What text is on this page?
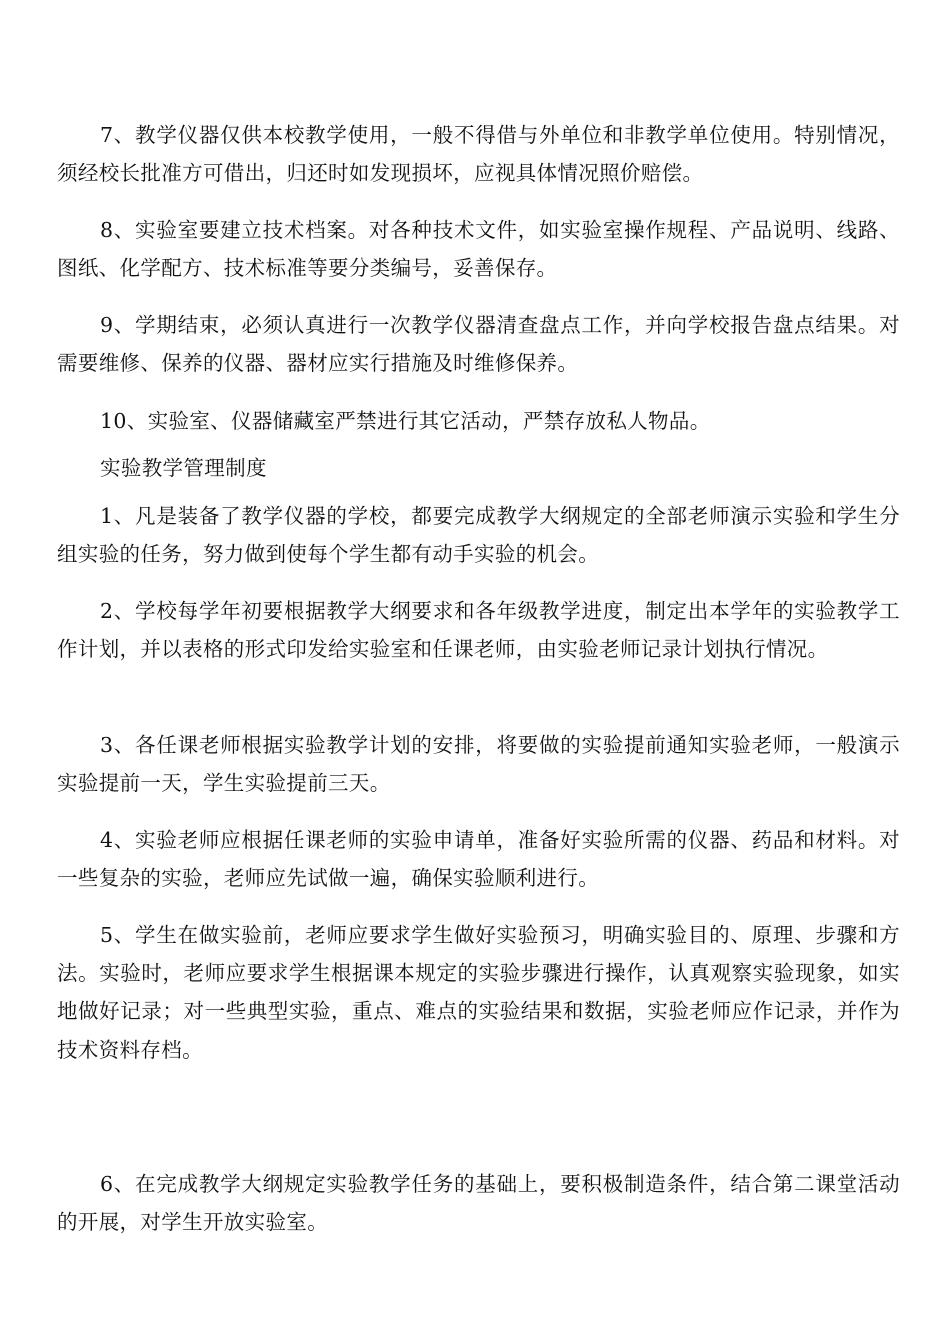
7、教学仪器仅供本校教学使用，一般不得借与外单位和非教学单位使用。特别情况，须经校长批准方可借出，归还时如发现损坏，应视具体情况照价赔偿。

8、实验室要建立技术档案。对各种技术文件，如实验室操作规程、产品说明、线路、图纸、化学配方、技术标准等要分类编号，妥善保存。

9、学期结束，必须认真进行一次教学仪器清查盘点工作，并向学校报告盘点结果。对需要维修、保养的仪器、器材应实行措施及时维修保养。

10、实验室、仪器储藏室严禁进行其它活动，严禁存放私人物品。

实验教学管理制度

1、凡是装备了教学仪器的学校，都要完成教学大纲规定的全部老师演示实验和学生分组实验的任务，努力做到使每个学生都有动手实验的机会。

2、学校每学年初要根据教学大纲要求和各年级教学进度，制定出本学年的实验教学工作计划，并以表格的形式印发给实验室和任课老师，由实验老师记录计划执行情况。

3、各任课老师根据实验教学计划的安排，将要做的实验提前通知实验老师，一般演示实验提前一天，学生实验提前三天。

4、实验老师应根据任课老师的实验申请单，准备好实验所需的仪器、药品和材料。对一些复杂的实验，老师应先试做一遍，确保实验顺利进行。

5、学生在做实验前，老师应要求学生做好实验预习，明确实验目的、原理、步骤和方法。实验时，老师应要求学生根据课本规定的实验步骤进行操作，认真观察实验现象，如实地做好记录；对一些典型实验，重点、难点的实验结果和数据，实验老师应作记录，并作为技术资料存档。

6、在完成教学大纲规定实验教学任务的基础上，要积极制造条件，结合第二课堂活动的开展，对学生开放实验室。
